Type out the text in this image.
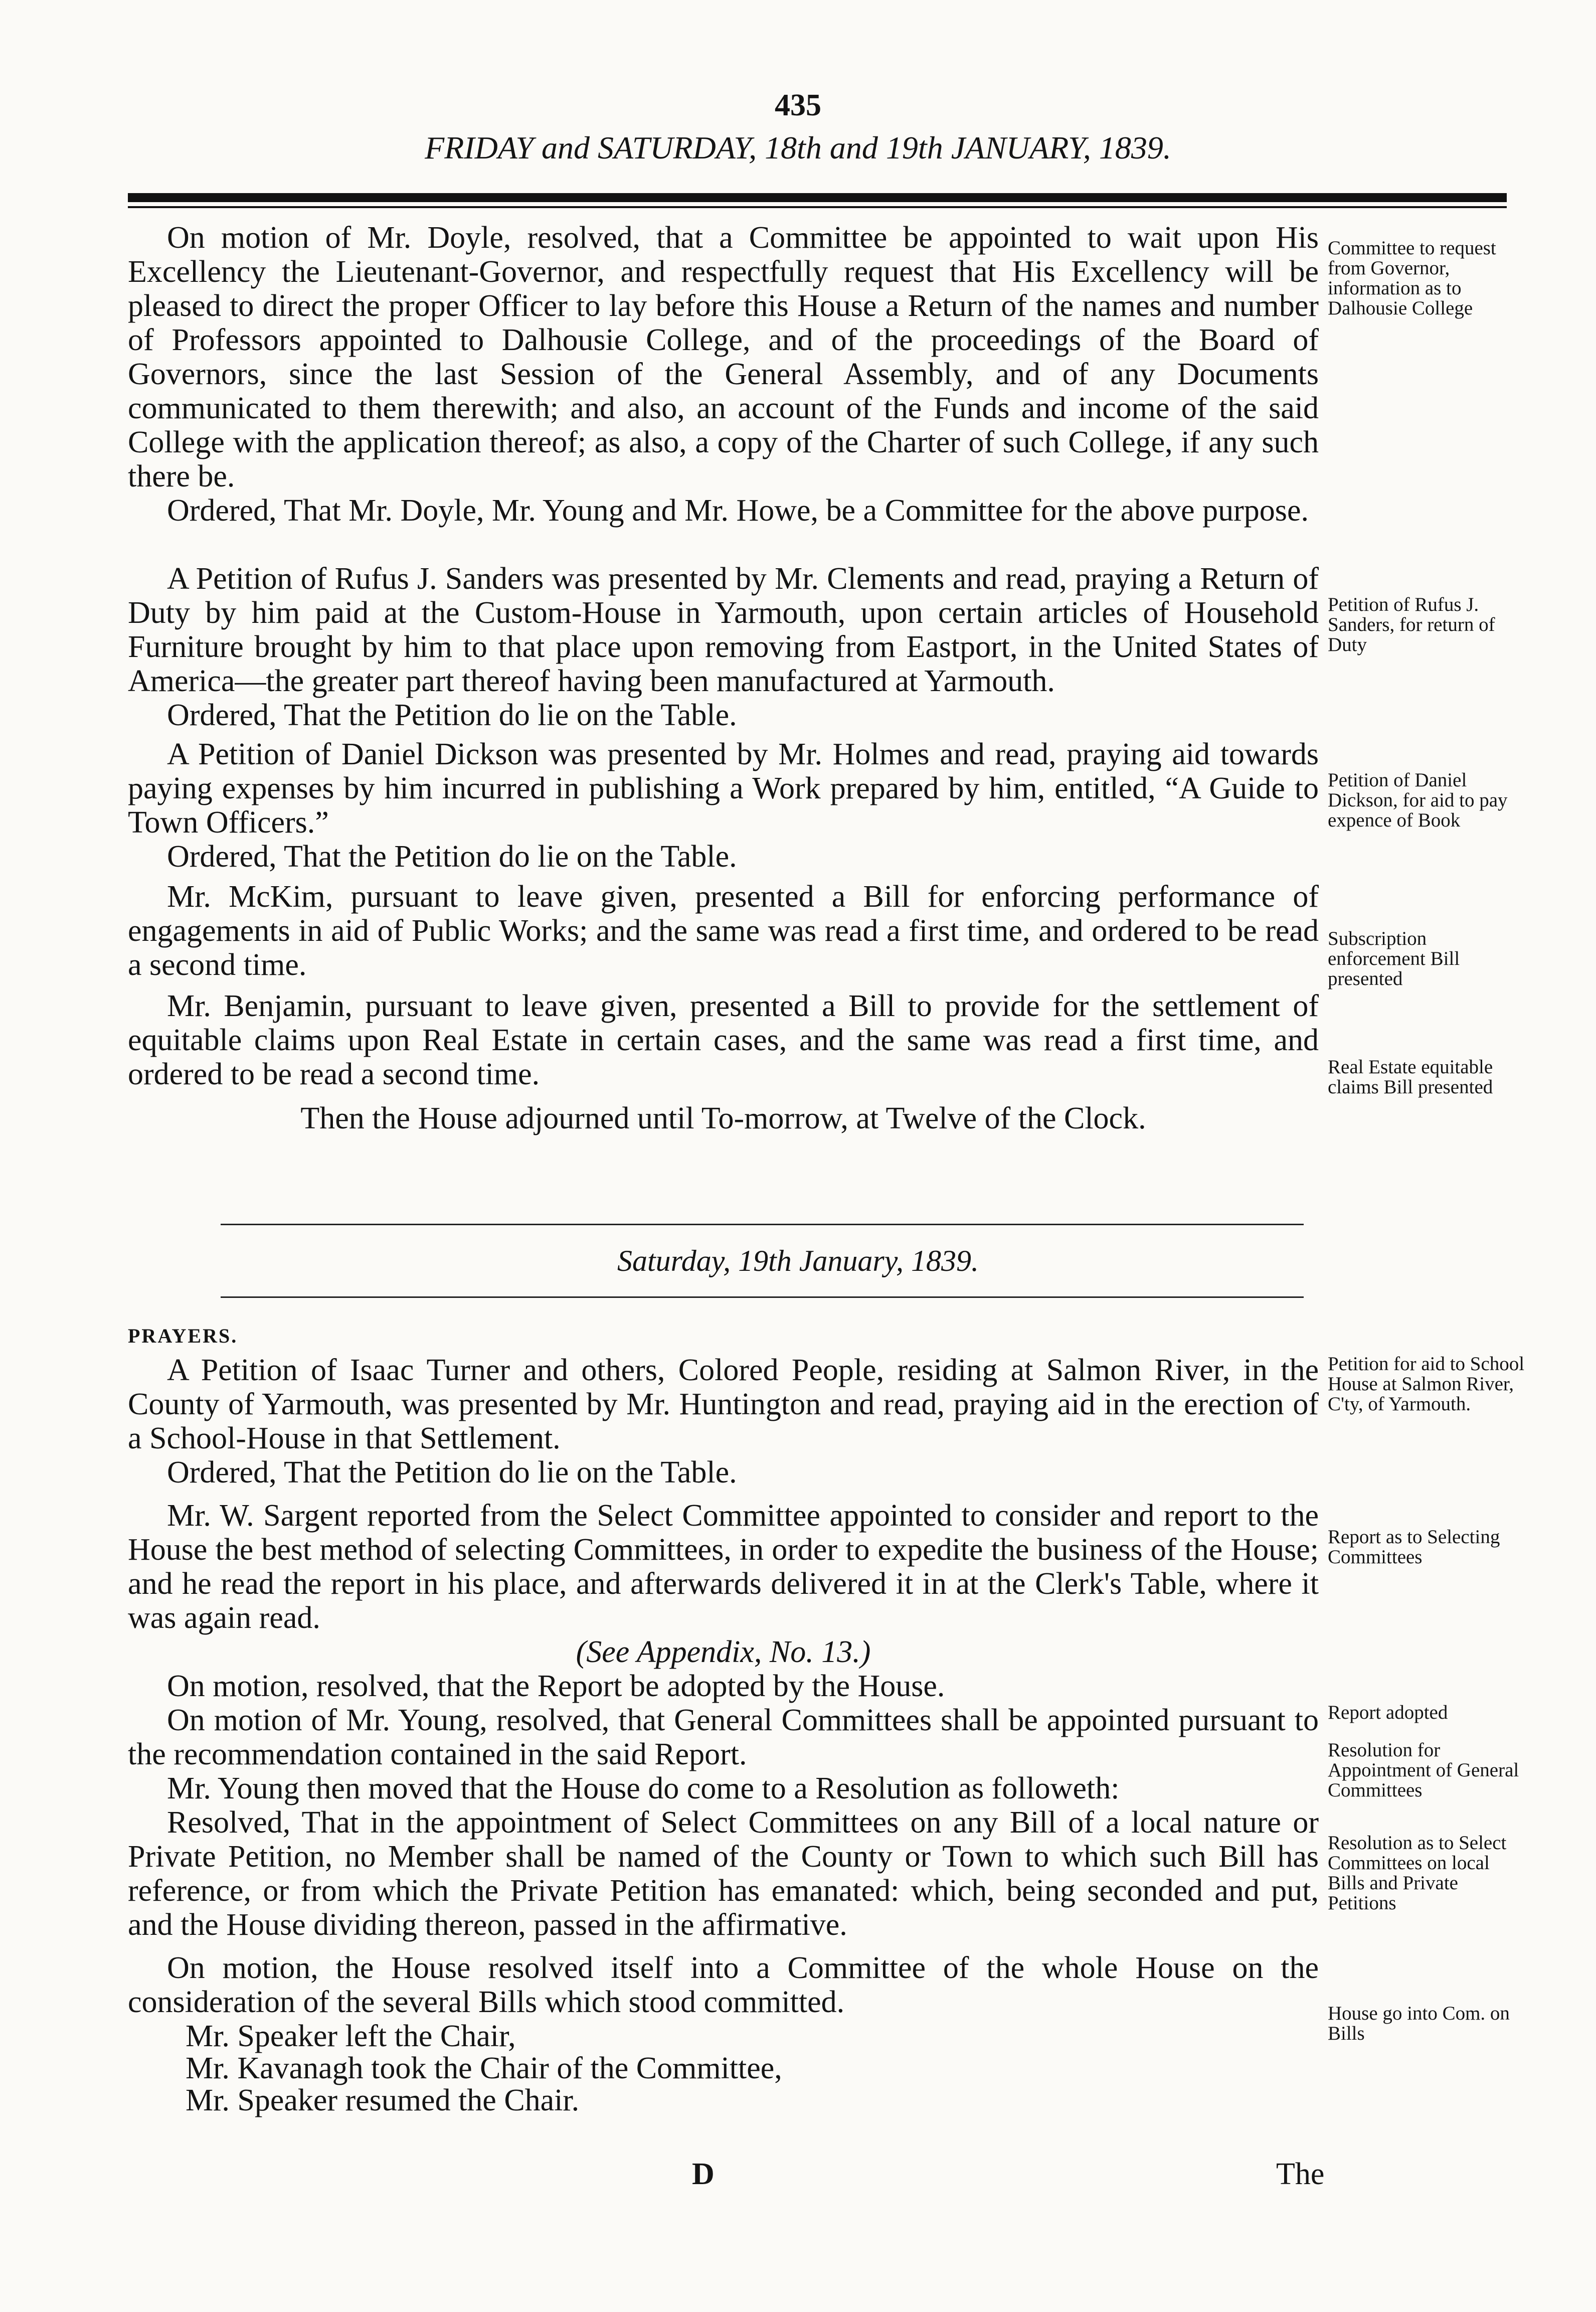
435
FRIDAY and SATURDAY, 18th and 19th JANUARY, 1839.

On motion of Mr. Doyle, resolved, that a Committee be appointed to wait upon His Excellency the Lieutenant-Governor, and respectfully request that His Excellency will be pleased to direct the proper Officer to lay before this House a Return of the names and number of Professors appointed to Dalhousie College, and of the proceedings of the Board of Governors, since the last Session of the General Assembly, and of any Documents communicated to them therewith; and also, an account of the Funds and income of the said College with the application thereof; as also, a copy of the Charter of such College, if any such there be.

Ordered, That Mr. Doyle, Mr. Young and Mr. Howe, be a Committee for the above purpose.

A Petition of Rufus J. Sanders was presented by Mr. Clements and read, praying a Return of Duty by him paid at the Custom-House in Yarmouth, upon certain articles of Household Furniture brought by him to that place upon removing from Eastport, in the United States of America—the greater part thereof having been manufactured at Yarmouth.

Ordered, That the Petition do lie on the Table.

A Petition of Daniel Dickson was presented by Mr. Holmes and read, praying aid towards paying expenses by him incurred in publishing a Work prepared by him, entitled, “A Guide to Town Officers.”

Ordered, That the Petition do lie on the Table.

Mr. McKim, pursuant to leave given, presented a Bill for enforcing performance of engagements in aid of Public Works; and the same was read a first time, and ordered to be read a second time.

Mr. Benjamin, pursuant to leave given, presented a Bill to provide for the settlement of equitable claims upon Real Estate in certain cases, and the same was read a first time, and ordered to be read a second time.

Then the House adjourned until To-morrow, at Twelve of the Clock.

Committee to request from Governor, information as to Dalhousie College

Petition of Rufus J. Sanders, for return of Duty

Petition of Daniel Dickson, for aid to pay expence of Book

Subscription enforcement Bill presented

Real Estate equitable claims Bill presented

Saturday, 19th January, 1839.

PRAYERS.

A Petition of Isaac Turner and others, Colored People, residing at Salmon River, in the County of Yarmouth, was presented by Mr. Huntington and read, praying aid in the erection of a School-House in that Settlement.

Ordered, That the Petition do lie on the Table.

Mr. W. Sargent reported from the Select Committee appointed to consider and report to the House the best method of selecting Committees, in order to expedite the business of the House; and he read the report in his place, and afterwards delivered it in at the Clerk's Table, where it was again read.

(See Appendix, No. 13.)

On motion, resolved, that the Report be adopted by the House.

On motion of Mr. Young, resolved, that General Committees shall be appointed pursuant to the recommendation contained in the said Report.

Mr. Young then moved that the House do come to a Resolution as followeth:

Resolved, That in the appointment of Select Committees on any Bill of a local nature or Private Petition, no Member shall be named of the County or Town to which such Bill has reference, or from which the Private Petition has emanated: which, being seconded and put, and the House dividing thereon, passed in the affirmative.

On motion, the House resolved itself into a Committee of the whole House on the consideration of the several Bills which stood committed.

Mr. Speaker left the Chair,

Mr. Kavanagh took the Chair of the Committee,

Mr. Speaker resumed the Chair.

Petition for aid to School House at Salmon River, C'ty, of Yarmouth.

Report as to Selecting Committees

Report adopted

Resolution for Appointment of General Committees

Resolution as to Select Committees on local Bills and Private Petitions

House go into Com. on Bills

D	The
